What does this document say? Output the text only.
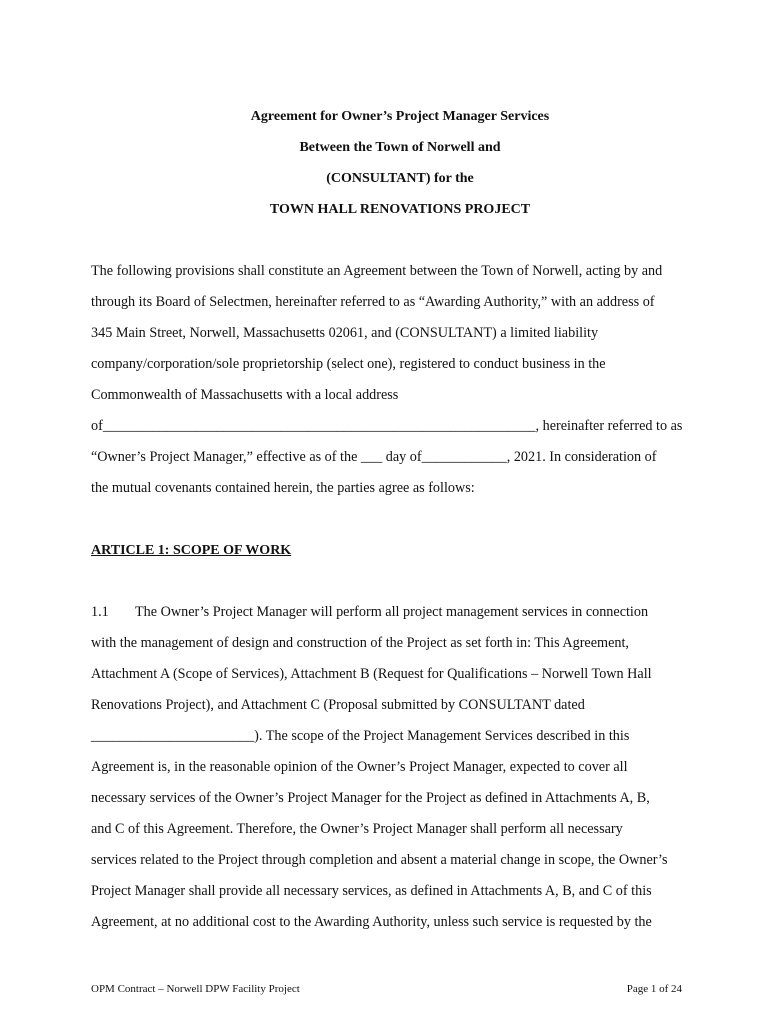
Agreement for Owner’s Project Manager Services
Between the Town of Norwell and
(CONSULTANT) for the
TOWN HALL RENOVATIONS PROJECT
The following provisions shall constitute an Agreement between the Town of Norwell, acting by and
through its Board of Selectmen, hereinafter referred to as “Awarding Authority,” with an address of
345 Main Street, Norwell, Massachusetts 02061, and (CONSULTANT) a limited liability
company/corporation/sole proprietorship (select one), registered to conduct business in the
Commonwealth of Massachusetts with a local address
of_____________________________________________________________, hereinafter referred to as
“Owner’s Project Manager,” effective as of the ___ day of____________, 2021. In consideration of
the mutual covenants contained herein, the parties agree as follows:
ARTICLE 1: SCOPE OF WORK
1.1 The Owner’s Project Manager will perform all project management services in connection
with the management of design and construction of the Project as set forth in: This Agreement,
Attachment A (Scope of Services), Attachment B (Request for Qualifications – Norwell Town Hall
Renovations Project), and Attachment C (Proposal submitted by CONSULTANT dated
_______________________). The scope of the Project Management Services described in this
Agreement is, in the reasonable opinion of the Owner’s Project Manager, expected to cover all
necessary services of the Owner’s Project Manager for the Project as defined in Attachments A, B,
and C of this Agreement. Therefore, the Owner’s Project Manager shall perform all necessary
services related to the Project through completion and absent a material change in scope, the Owner’s
Project Manager shall provide all necessary services, as defined in Attachments A, B, and C of this
Agreement, at no additional cost to the Awarding Authority, unless such service is requested by the
OPM Contract – Norwell DPW Facility Project	Page 1 of 24
